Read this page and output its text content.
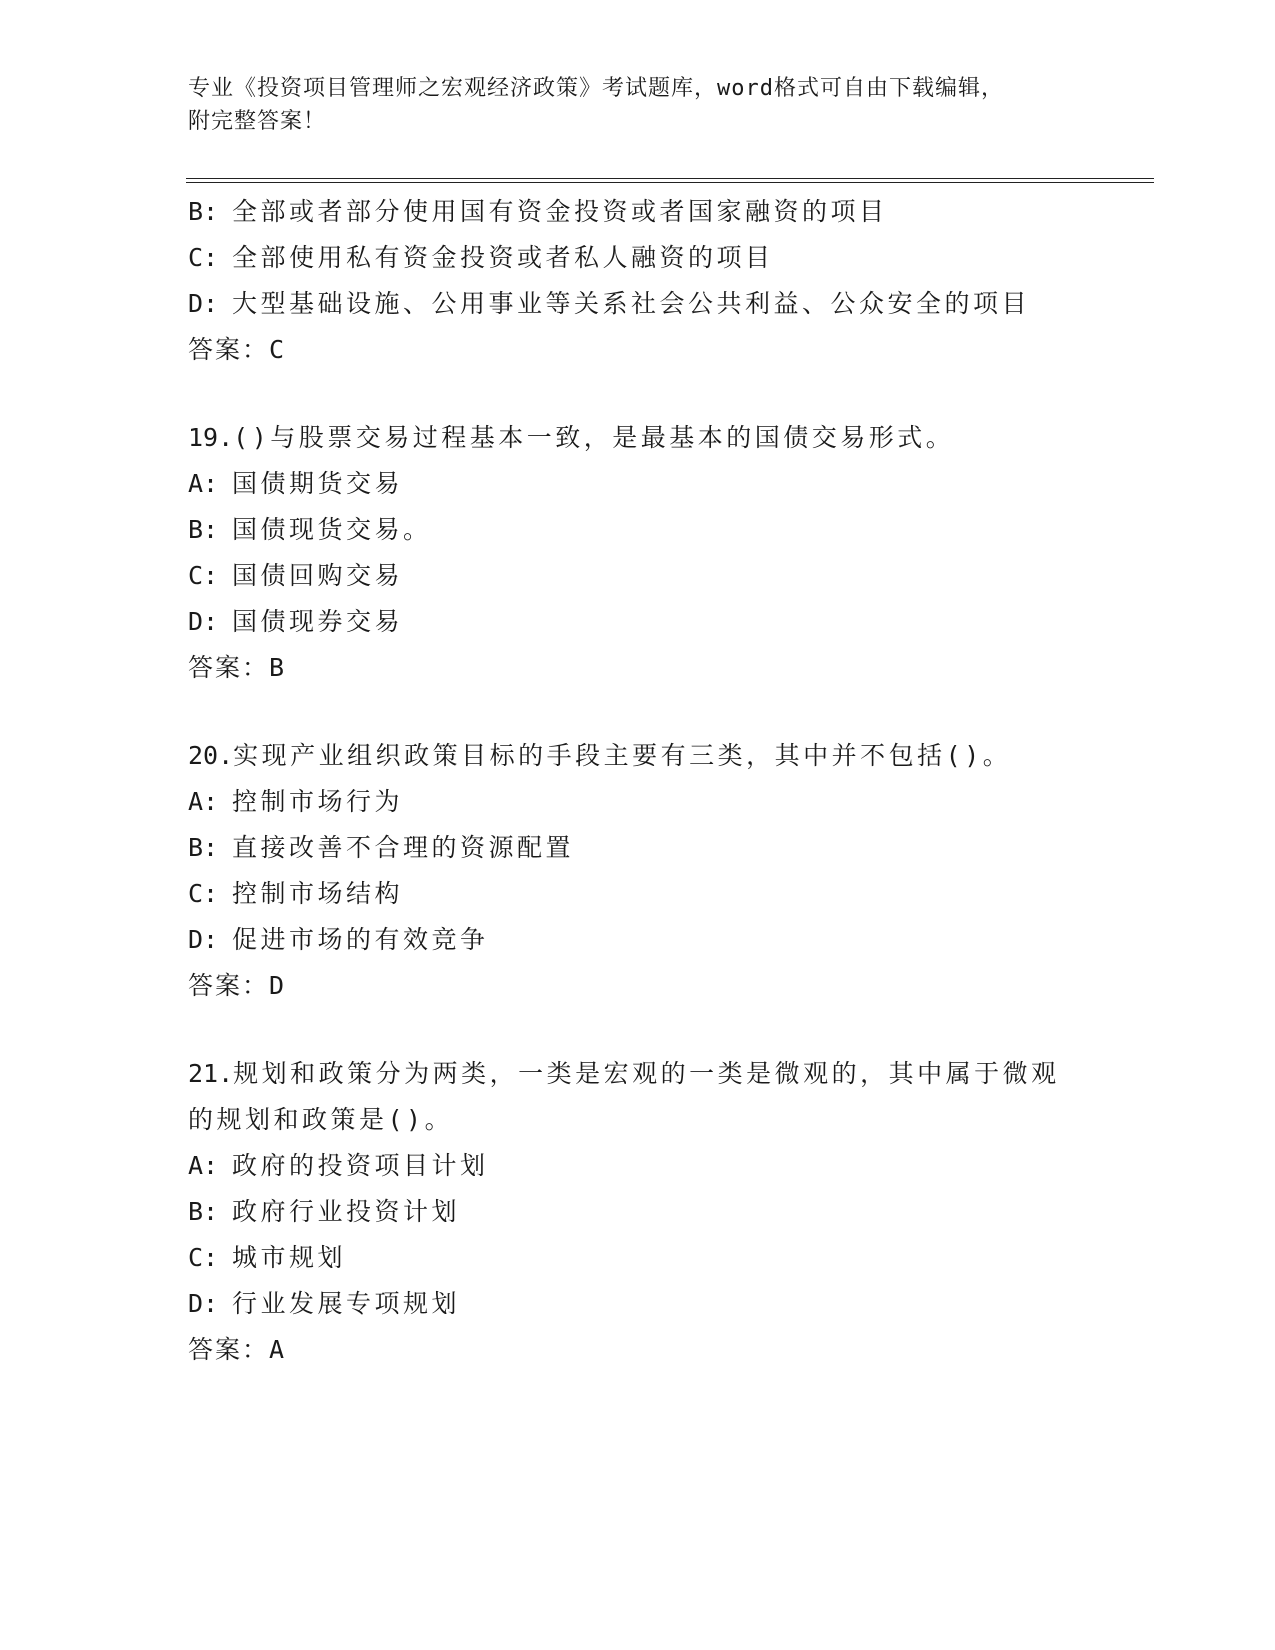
专业《投资项目管理师之宏观经济政策》考试题库，word格式可自由下载编辑，
附完整答案！
B: 全部或者部分使用国有资金投资或者国家融资的项目
C: 全部使用私有资金投资或者私人融资的项目
D: 大型基础设施、公用事业等关系社会公共利益、公众安全的项目
答案：C
19.()与股票交易过程基本一致，是最基本的国债交易形式。
A: 国债期货交易
B: 国债现货交易。
C: 国债回购交易
D: 国债现券交易
答案：B
20.实现产业组织政策目标的手段主要有三类，其中并不包括()。
A: 控制市场行为
B: 直接改善不合理的资源配置
C: 控制市场结构
D: 促进市场的有效竞争
答案：D
21.规划和政策分为两类，一类是宏观的一类是微观的，其中属于微观
的规划和政策是()。
A: 政府的投资项目计划
B: 政府行业投资计划
C: 城市规划
D: 行业发展专项规划
答案：A
